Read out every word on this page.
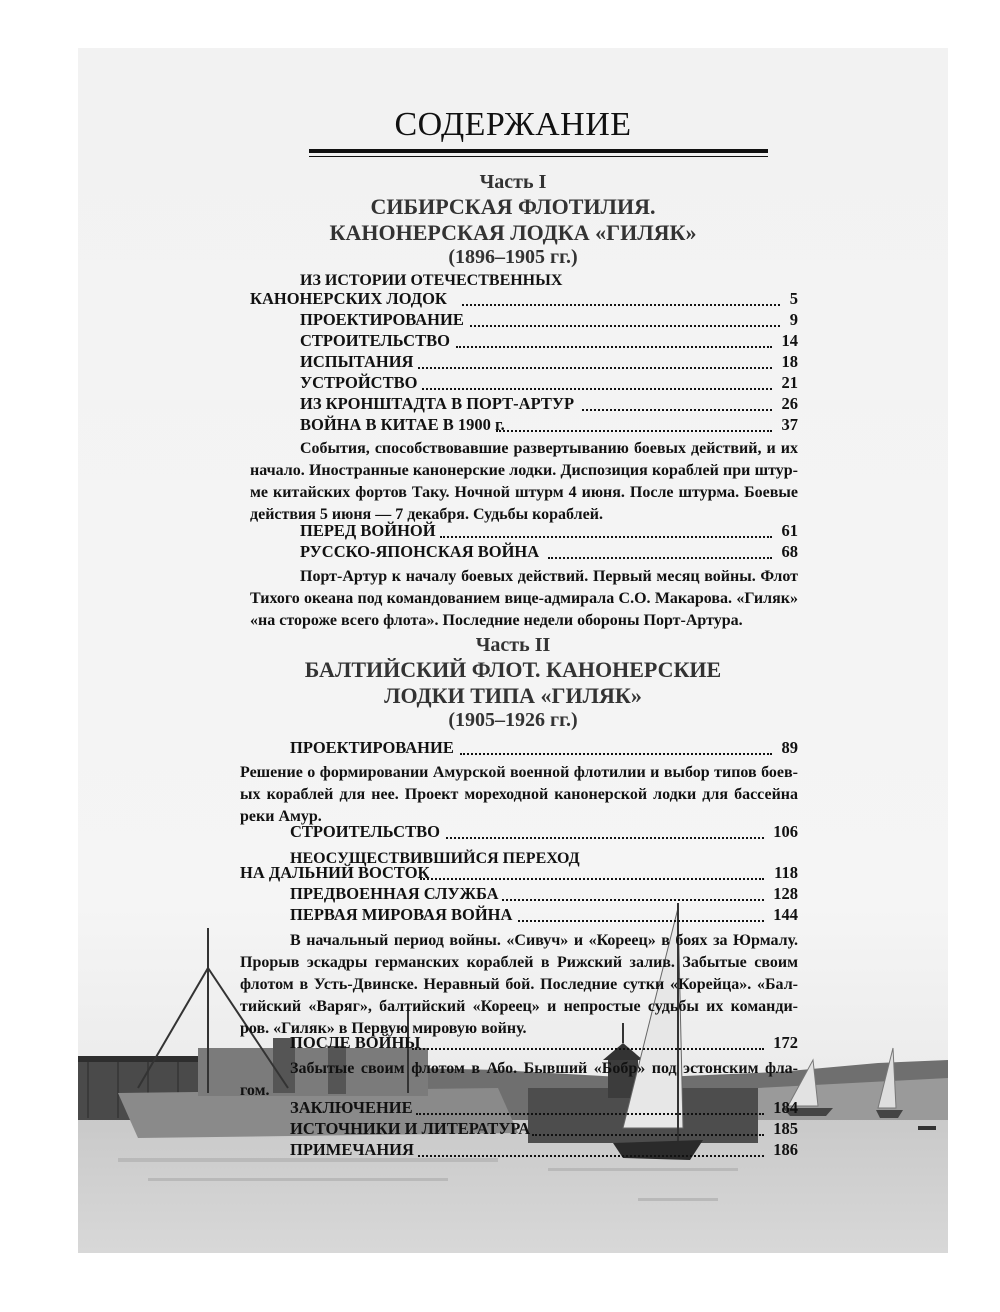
СОДЕРЖАНИЕ
Часть I
СИБИРСКАЯ ФЛОТИЛИЯ.
КАНОНЕРСКАЯ ЛОДКА «ГИЛЯК»
(1896–1905 гг.)
ИЗ ИСТОРИИ ОТЕЧЕСТВЕННЫХ
КАНОНЕРСКИХ ЛОДОК	5
ПРОЕКТИРОВАНИЕ	9
СТРОИТЕЛЬСТВО	14
ИСПЫТАНИЯ	18
УСТРОЙСТВО	21
ИЗ КРОНШТАДТА В ПОРТ-АРТУР	26
ВОЙНА В КИТАЕ В 1900 г.	37
События, способствовавшие развертыванию боевых действий, и их
начало. Иностранные канонерские лодки. Диспозиция кораблей при штур-
ме китайских фортов Таку. Ночной штурм 4 июня. После штурма. Боевые
действия 5 июня — 7 декабря. Судьбы кораблей.
ПЕРЕД ВОЙНОЙ	61
РУССКО-ЯПОНСКАЯ ВОЙНА	68
Порт-Артур к началу боевых действий. Первый месяц войны. Флот
Тихого океана под командованием вице-адмирала С.О. Макарова. «Гиляк»
«на стороже всего флота». Последние недели обороны Порт-Артура.
Часть II
БАЛТИЙСКИЙ ФЛОТ. КАНОНЕРСКИЕ
ЛОДКИ ТИПА «ГИЛЯК»
(1905–1926 гг.)
ПРОЕКТИРОВАНИЕ	89
Решение о формировании Амурской военной флотилии и выбор типов боев-
ых кораблей для нее. Проект мореходной канонерской лодки для бассейна
реки Амур.
СТРОИТЕЛЬСТВО	106
НЕОСУЩЕСТВИВШИЙСЯ ПЕРЕХОД
НА ДАЛЬНИЙ ВОСТОК	118
ПРЕДВОЕННАЯ СЛУЖБА	128
ПЕРВАЯ МИРОВАЯ ВОЙНА	144
В начальный период войны. «Сивуч» и «Кореец» в боях за Юрмалу.
Прорыв эскадры германских кораблей в Рижский залив. Забытые своим
флотом в Усть-Двинске. Неравный бой. Последние сутки «Корейца». «Бал-
тийский «Варяг», балтийский «Кореец» и непростые судьбы их команди-
ров. «Гиляк» в Первую мировую войну.
ПОСЛЕ ВОЙНЫ	172
Забытые своим флотом в Або. Бывший «Бобр» под эстонским фла-
гом.
ЗАКЛЮЧЕНИЕ	184
ИСТОЧНИКИ И ЛИТЕРАТУРА	185
ПРИМЕЧАНИЯ	186
